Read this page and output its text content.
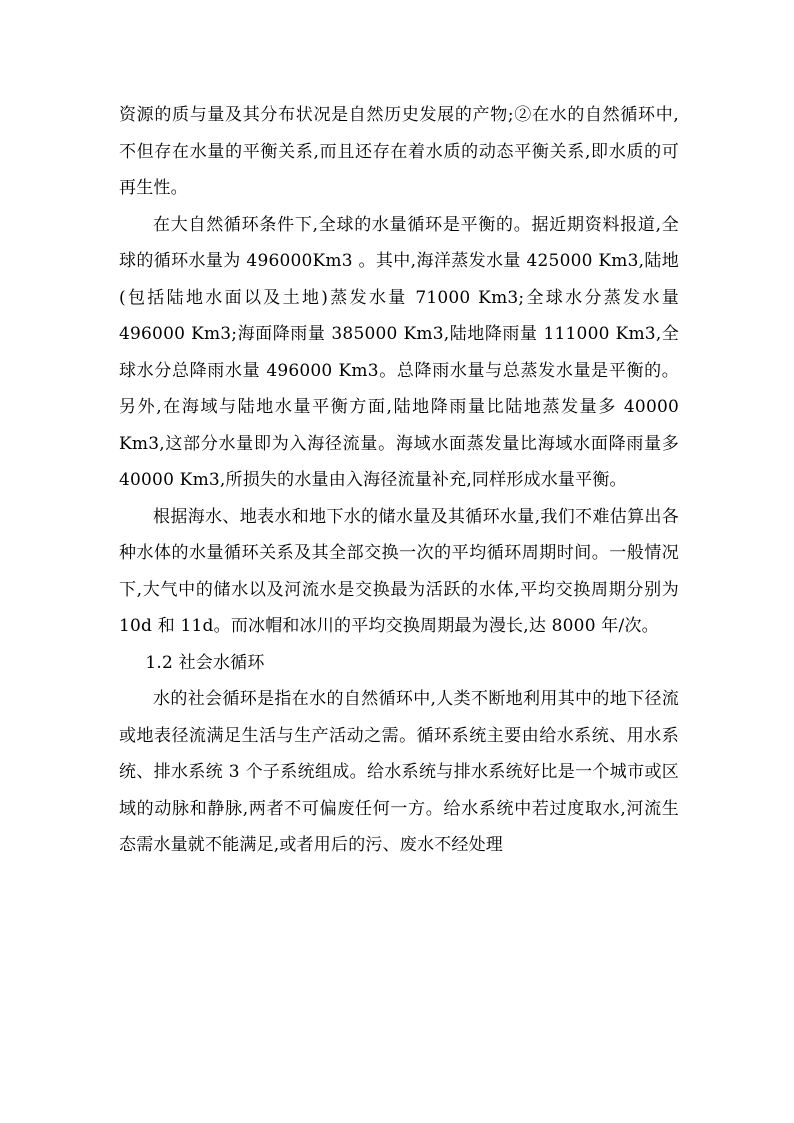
资源的质与量及其分布状况是自然历史发展的产物;②在水的自然循环中,不但存在水量的平衡关系,而且还存在着水质的动态平衡关系,即水质的可再生性。

在大自然循环条件下,全球的水量循环是平衡的。据近期资料报道,全球的循环水量为 496000Km3 。其中,海洋蒸发水量 425000 Km3,陆地(包括陆地水面以及土地)蒸发水量 71000 Km3;全球水分蒸发水量 496000 Km3;海面降雨量 385000 Km3,陆地降雨量 111000 Km3,全球水分总降雨水量 496000 Km3。总降雨水量与总蒸发水量是平衡的。另外,在海域与陆地水量平衡方面,陆地降雨量比陆地蒸发量多 40000 Km3,这部分水量即为入海径流量。海域水面蒸发量比海域水面降雨量多 40000 Km3,所损失的水量由入海径流量补充,同样形成水量平衡。

根据海水、地表水和地下水的储水量及其循环水量,我们不难估算出各种水体的水量循环关系及其全部交换一次的平均循环周期时间。一般情况下,大气中的储水以及河流水是交换最为活跃的水体,平均交换周期分别为10d 和 11d。而冰帽和冰川的平均交换周期最为漫长,达 8000 年/次。

1.2 社会水循环

水的社会循环是指在水的自然循环中,人类不断地利用其中的地下径流或地表径流满足生活与生产活动之需。循环系统主要由给水系统、用水系统、排水系统 3 个子系统组成。给水系统与排水系统好比是一个城市或区域的动脉和静脉,两者不可偏废任何一方。给水系统中若过度取水,河流生态需水量就不能满足,或者用后的污、废水不经处理
